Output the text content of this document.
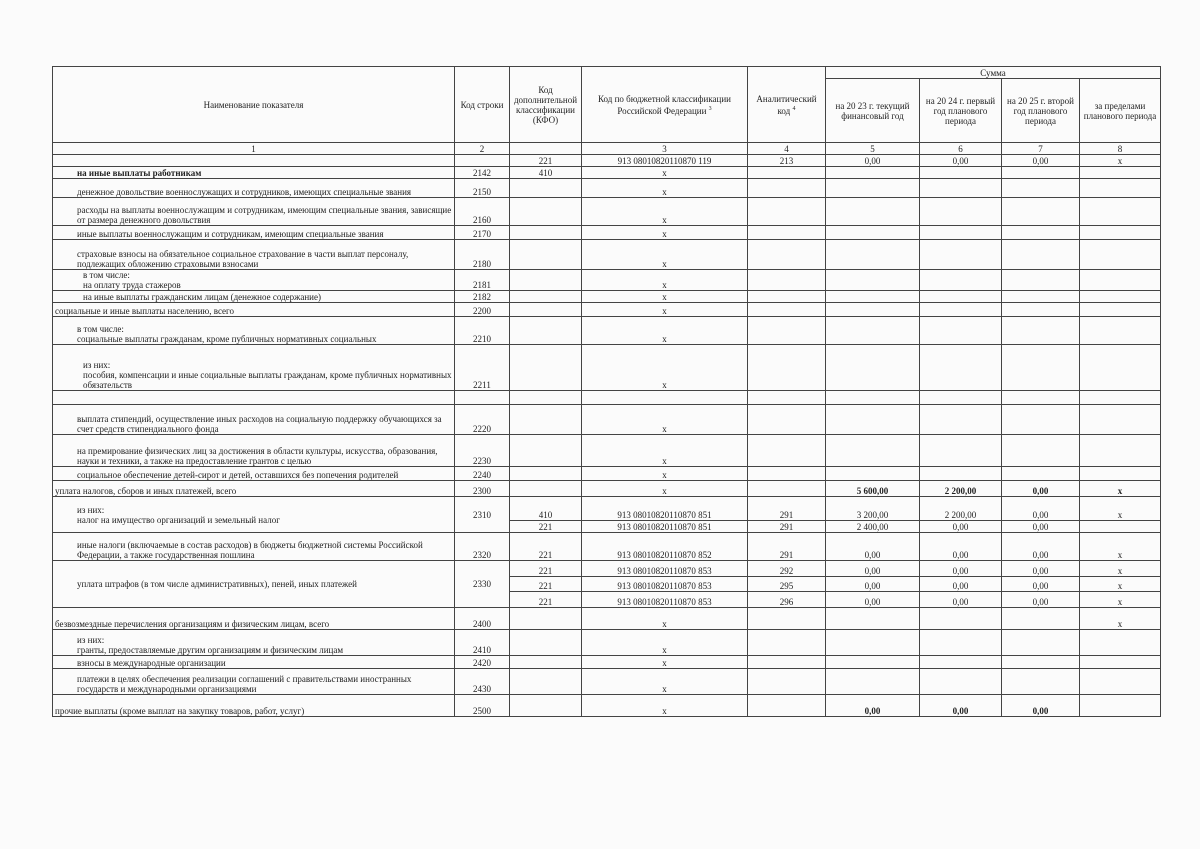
Наименование показателя	Код строки	Код дополнительной классификации (КФО)	Код по бюджетной классификации Российской Федерации $^3$	Аналитический код $^4$	Сумма			
					на 20 23 г. текущий финансовый год	на 20 24 г. первый год планового периода	на 20 25 г. второй год планового периода	за пределами планового периода
1	2		3	4	5	6	7	8
		221	913 08010820110870 119	213	0,00	0,00	0,00	x
на иные выплаты работникам	2142	410	x					
денежное довольствие военнослужащих и сотрудников, имеющих специальные звания	2150		x					
расходы на выплаты военнослужащим и сотрудникам, имеющим специальные звания, зависящие от размера денежного довольствия	2160		x					
иные выплаты военнослужащим и сотрудникам, имеющим специальные звания	2170		x					
страховые взносы на обязательное социальное страхование в части выплат персоналу, подлежащих обложению страховыми взносами	2180		x					

в том числе:
на оплату труда стажеров	2181		x					
на иные выплаты гражданским лицам (денежное содержание)	2182		x					
социальные и иные выплаты населению, всего	2200		x					

в том числе:
социальные выплаты гражданам, кроме публичных нормативных социальных	2210		x					

из них:
пособия, компенсации и иные социальные выплаты гражданам, кроме публичных нормативных обязательств	2211		x					

выплата стипендий, осуществление иных расходов на социальную поддержку обучающихся за счет средств стипендиального фонда	2220		x					
на премирование физических лиц за достижения в области культуры, искусства, образования, науки и техники, а также на предоставление грантов с целью	2230		x					
социальное обеспечение детей-сирот и детей, оставшихся без попечения родителей	2240		x					
уплата налогов, сборов и иных платежей, всего	2300		x		5 600,00	2 200,00	0,00	x

из них:
налог на имущество организаций и земельный налог	2310	410	913 08010820110870 851	291	3 200,00	2 200,00	0,00	x
		221	913 08010820110870 851	291	2 400,00	0,00	0,00	
иные налоги (включаемые в состав расходов) в бюджеты бюджетной системы Российской Федерации, а также государственная пошлина	2320	221	913 08010820110870 852	291	0,00	0,00	0,00	x
уплата штрафов (в том числе административных), пеней, иных платежей	2330	221	913 08010820110870 853	292	0,00	0,00	0,00	x
		221	913 08010820110870 853	295	0,00	0,00	0,00	x
		221	913 08010820110870 853	296	0,00	0,00	0,00	x
безвозмездные перечисления организациям и физическим лицам, всего	2400		x					x

из них:
гранты, предоставляемые другим организациям и физическим лицам	2410		x					
взносы в международные организации	2420		x					
платежи в целях обеспечения реализации соглашений с правительствами иностранных государств и международными организациями	2430		x					
прочие выплаты (кроме выплат на закупку товаров, работ, услуг)	2500		x		0,00	0,00	0,00	
